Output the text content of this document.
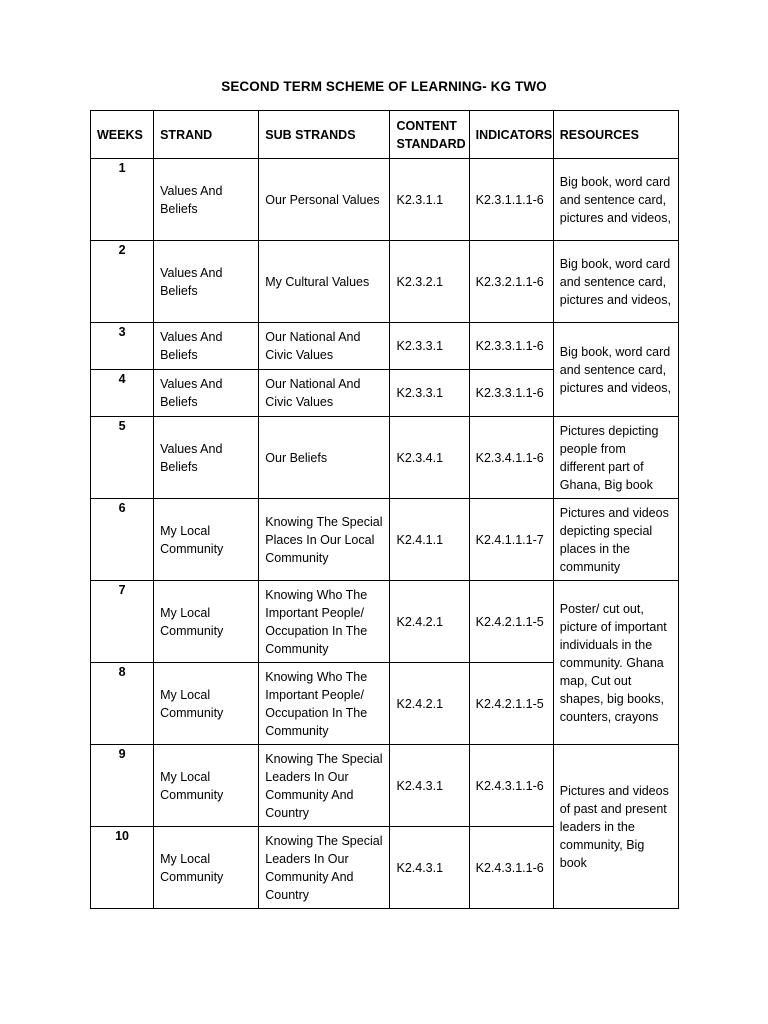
SECOND TERM SCHEME OF LEARNING- KG TWO
WEEKS	STRAND	SUB STRANDS	CONTENT STANDARD	INDICATORS	RESOURCES
1	Values And Beliefs	Our Personal Values	K2.3.1.1	K2.3.1.1.1-6	Big book, word card and sentence card, pictures and videos,
2	Values And Beliefs	My Cultural Values	K2.3.2.1	K2.3.2.1.1-6	Big book, word card and sentence card, pictures and videos,
3	Values And Beliefs	Our National And Civic Values	K2.3.3.1	K2.3.3.1.1-6	Big book, word card and sentence card, pictures and videos,
4	Values And Beliefs	Our National And Civic Values	K2.3.3.1	K2.3.3.1.1-6	
5	Values And Beliefs	Our Beliefs	K2.3.4.1	K2.3.4.1.1-6	Pictures depicting people from different part of Ghana, Big book
6	My Local Community	Knowing The Special Places In Our Local Community	K2.4.1.1	K2.4.1.1.1-7	Pictures and videos depicting special places in the community
7	My Local Community	Knowing Who The Important People/ Occupation In The Community	K2.4.2.1	K2.4.2.1.1-5	Poster/ cut out, picture of important individuals in the community. Ghana map, Cut out shapes, big books, counters, crayons
8	My Local Community	Knowing Who The Important People/ Occupation In The Community	K2.4.2.1	K2.4.2.1.1-5	
9	My Local Community	Knowing The Special Leaders In Our Community And Country	K2.4.3.1	K2.4.3.1.1-6	Pictures and videos of past and present leaders in the community, Big book
10	My Local Community	Knowing The Special Leaders In Our Community And Country	K2.4.3.1	K2.4.3.1.1-6	
